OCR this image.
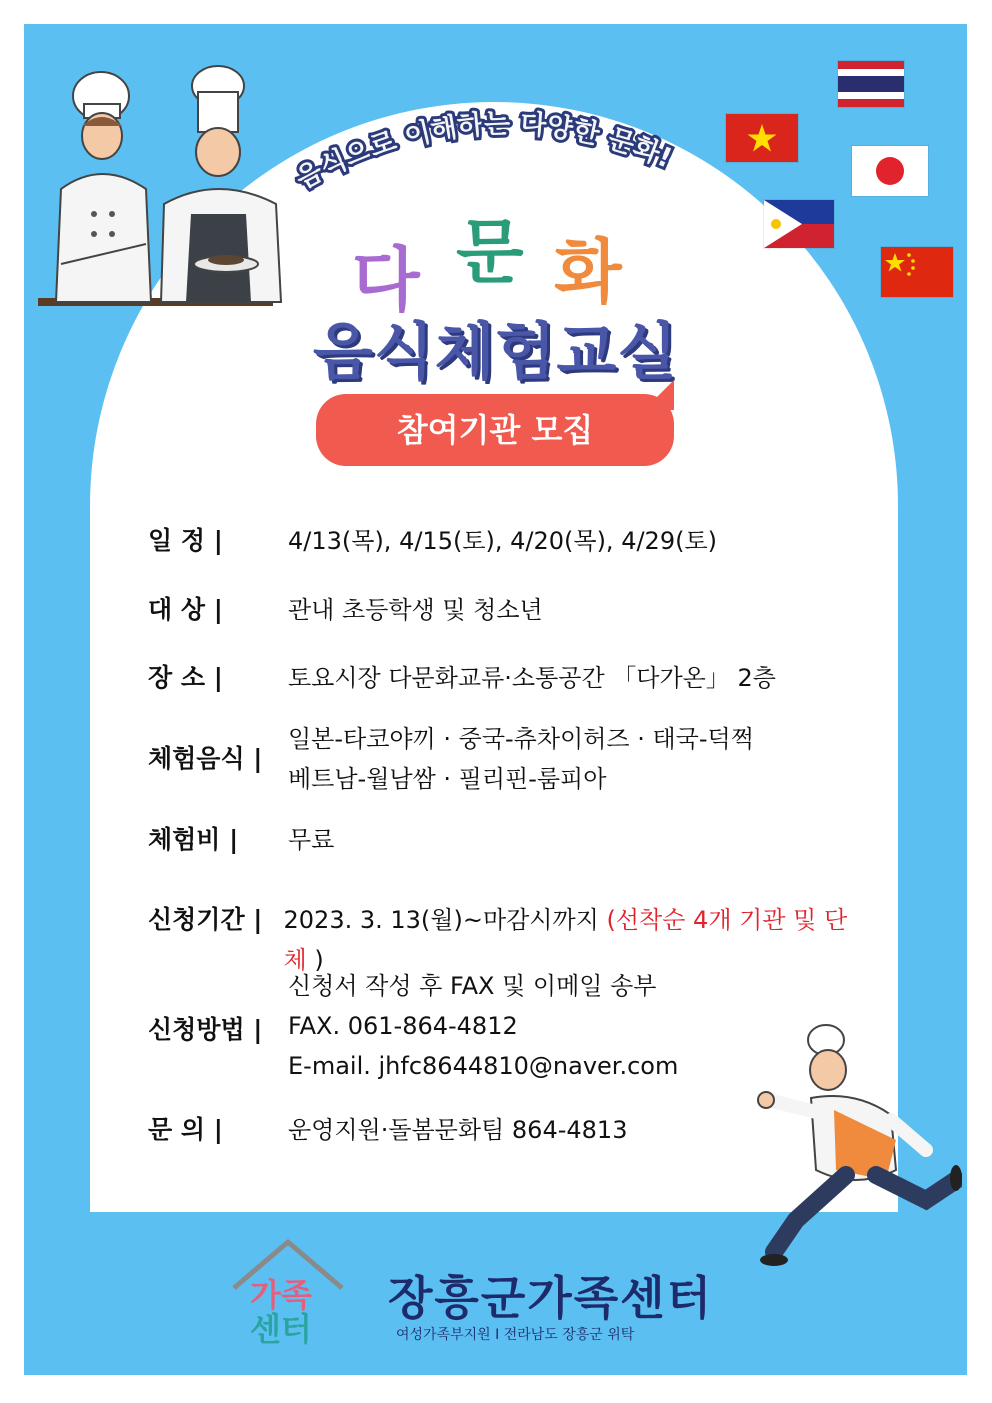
음식으로 이해하는 다양한 문화!
다 문 화
음식체험교실
참여기관 모집
일 정 |	4/13(목), 4/15(토), 4/20(목), 4/29(토)
대 상 |	관내 초등학생 및 청소년
장 소 |	토요시장 다문화교류·소통공간 「다가온」 2층
체험음식 |
일본-타코야끼 · 중국-츄차이허즈 · 태국-덕쩍
베트남-월남쌈 · 필리핀-룸피아
체험비 |	무료
신청기간 | 2023. 3. 13(월)~마감시까지 (선착순 4개 기관 및 단체 )
신청방법 |
신청서 작성 후 FAX 및 이메일 송부
FAX. 061-864-4812
E-mail. jhfc8644810@naver.com
문 의 |	운영지원·돌봄문화팀 864-4813
가족
센터
장흥군가족센터
여성가족부지원 I 전라남도 장흥군 위탁
